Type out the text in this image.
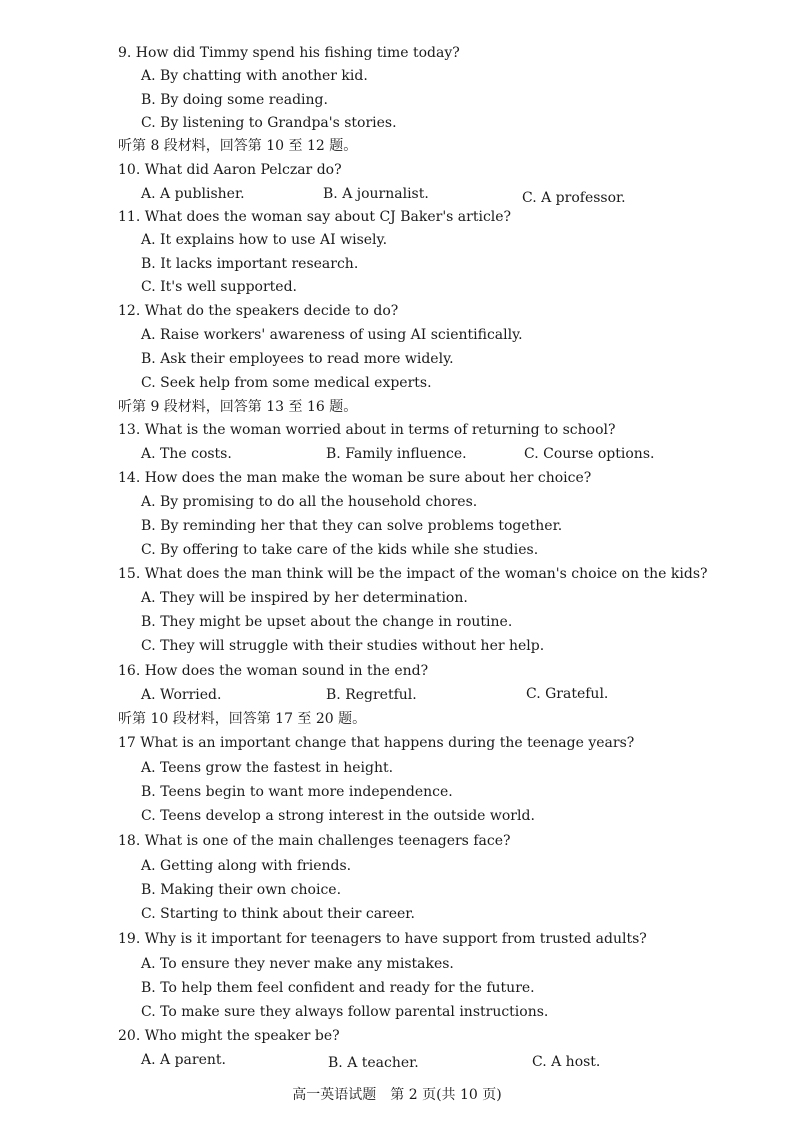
9. How did Timmy spend his fishing time today?
A. By chatting with another kid.
B. By doing some reading.
C. By listening to Grandpa's stories.
听第 8 段材料，回答第 10 至 12 题。
10. What did Aaron Pelczar do?
A. A publisher.	B. A journalist.	C. A professor.
11. What does the woman say about CJ Baker's article?
A. It explains how to use AI wisely.
B. It lacks important research.
C. It's well supported.
12. What do the speakers decide to do?
A. Raise workers' awareness of using AI scientifically.
B. Ask their employees to read more widely.
C. Seek help from some medical experts.
听第 9 段材料，回答第 13 至 16 题。
13. What is the woman worried about in terms of returning to school?
A. The costs.	B. Family influence.	C. Course options.
14. How does the man make the woman be sure about her choice?
A. By promising to do all the household chores.
B. By reminding her that they can solve problems together.
C. By offering to take care of the kids while she studies.
15. What does the man think will be the impact of the woman's choice on the kids?
A. They will be inspired by her determination.
B. They might be upset about the change in routine.
C. They will struggle with their studies without her help.
16. How does the woman sound in the end?
A. Worried.	B. Regretful.	C. Grateful.
听第 10 段材料，回答第 17 至 20 题。
17 What is an important change that happens during the teenage years?
A. Teens grow the fastest in height.
B. Teens begin to want more independence.
C. Teens develop a strong interest in the outside world.
18. What is one of the main challenges teenagers face?
A. Getting along with friends.
B. Making their own choice.
C. Starting to think about their career.
19. Why is it important for teenagers to have support from trusted adults?
A. To ensure they never make any mistakes.
B. To help them feel confident and ready for the future.
C. To make sure they always follow parental instructions.
20. Who might the speaker be?
A. A parent.	B. A teacher.	C. A host.
高一英语试题　第 2 页(共 10 页)
